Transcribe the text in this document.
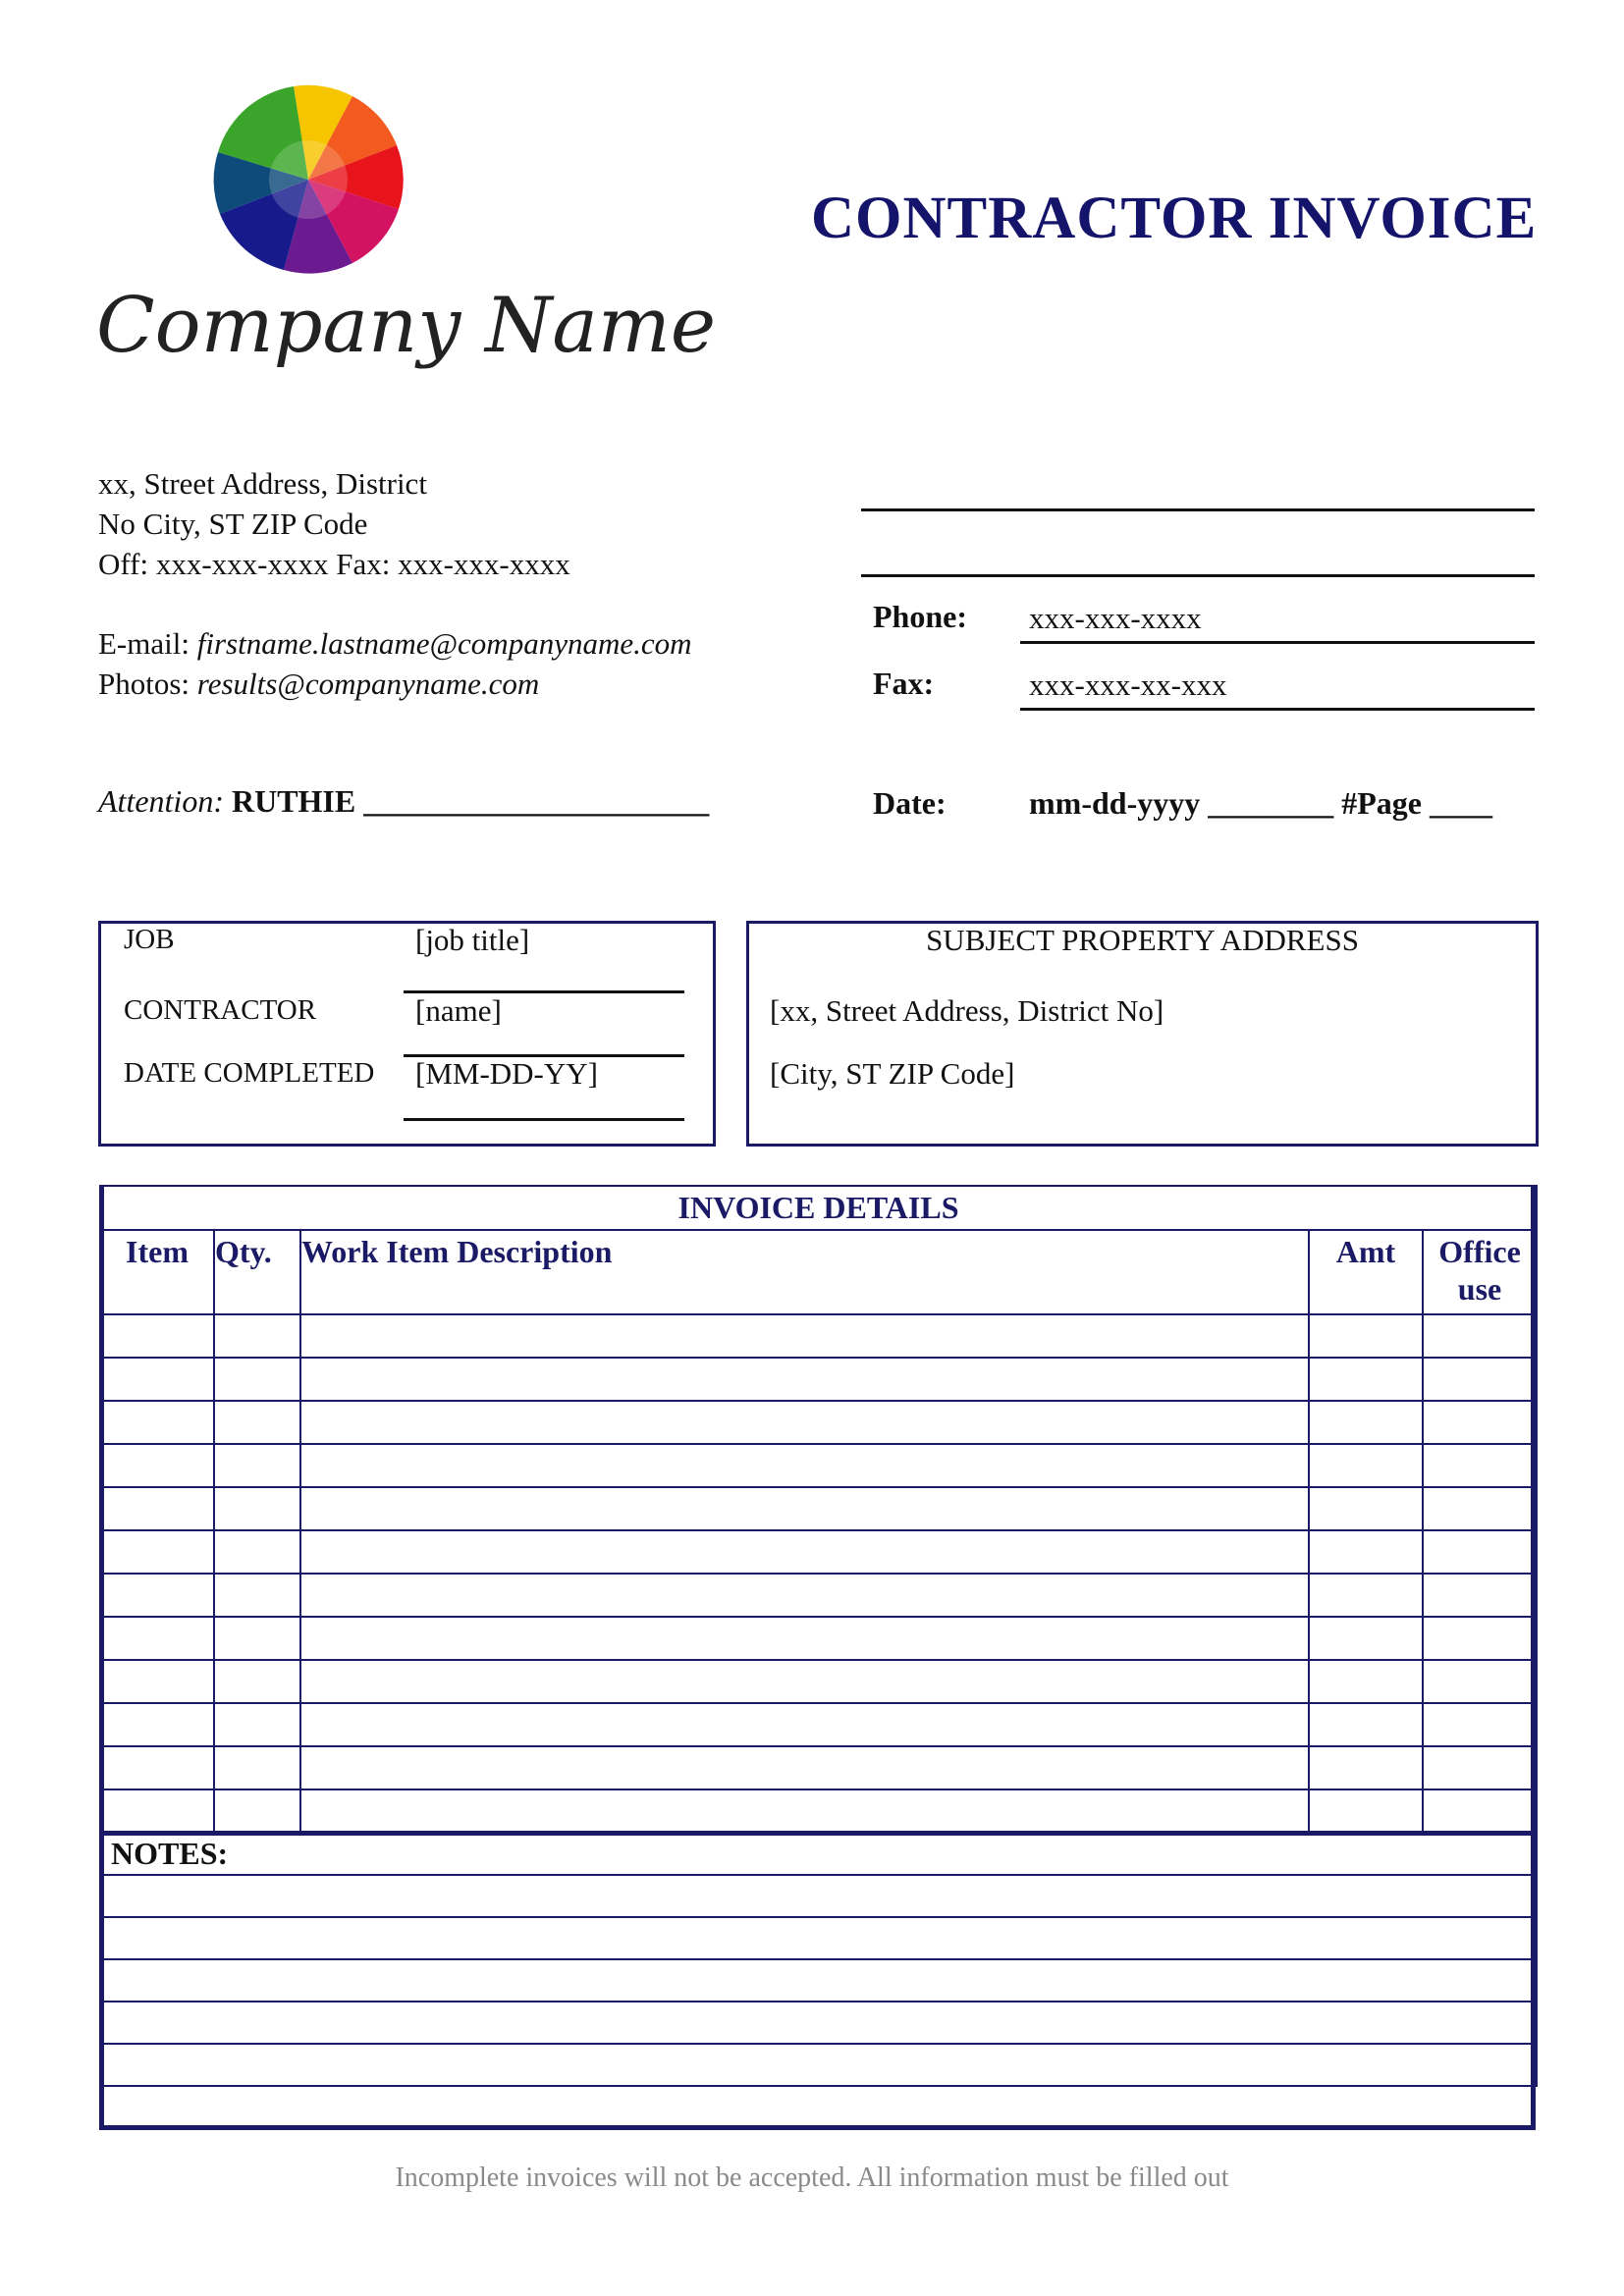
Company Name
CONTRACTOR INVOICE
xx, Street Address, District
No City, ST ZIP Code
Off: xxx-xxx-xxxx Fax: xxx-xxx-xxxx
E-mail: firstname.lastname@companyname.com
Photos: results@companyname.com
Attention: RUTHIE ______________________
Phone: xxx-xxx-xxxx
Fax:	xxx-xxx-xx-xxx
Date:	mm-dd-yyyy ________ #Page ____
JOB	[job title]
CONTRACTOR	[name]
DATE COMPLETED [MM-DD-YY]
SUBJECT PROPERTY ADDRESS
[xx, Street Address, District No]
[City, ST ZIP Code]
INVOICE DETAILS				
Item	Qty.	Work Item Description	Amt	Office use

NOTES:				

Incomplete invoices will not be accepted. All information must be filled out
